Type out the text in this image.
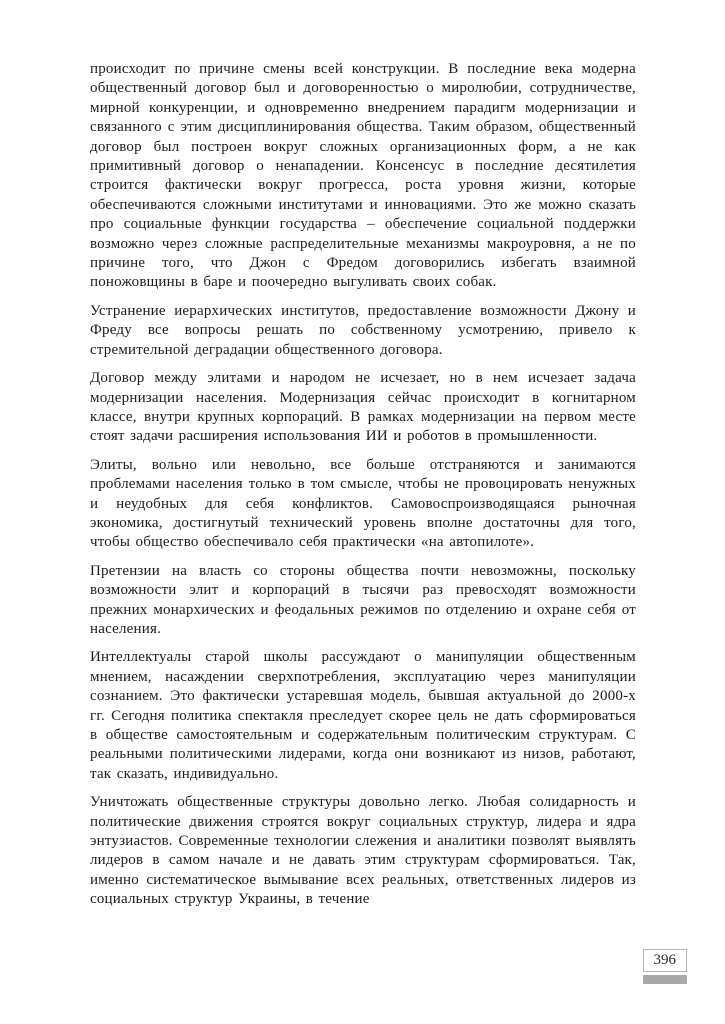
происходит по причине смены всей конструкции. В последние века модерна общественный договор был и договоренностью о миролюбии, сотрудничестве, мирной конкуренции, и одновременно внедрением парадигм модернизации и связанного с этим дисциплинирования общества. Таким образом, общественный договор был построен вокруг сложных организационных форм, а не как примитивный договор о ненападении. Консенсус в последние десятилетия строится фактически вокруг прогресса, роста уровня жизни, которые обеспечиваются сложными институтами и инновациями. Это же можно сказать про социальные функции государства – обеспечение социальной поддержки возможно через сложные распределительные механизмы макроуровня, а не по причине того, что Джон с Фредом договорились избегать взаимной поножовщины в баре и поочередно выгуливать своих собак.

Устранение иерархических институтов, предоставление возможности Джону и Фреду все вопросы решать по собственному усмотрению, привело к стремительной деградации общественного договора.

Договор между элитами и народом не исчезает, но в нем исчезает задача модернизации населения. Модернизация сейчас происходит в когнитарном классе, внутри крупных корпораций. В рамках модернизации на первом месте стоят задачи расширения использования ИИ и роботов в промышленности.

Элиты, вольно или невольно, все больше отстраняются и занимаются проблемами населения только в том смысле, чтобы не провоцировать ненужных и неудобных для себя конфликтов. Самовоспроизводящаяся рыночная экономика, достигнутый технический уровень вполне достаточны для того, чтобы общество обеспечивало себя практически «на автопилоте».

Претензии на власть со стороны общества почти невозможны, поскольку возможности элит и корпораций в тысячи раз превосходят возможности прежних монархических и феодальных режимов по отделению и охране себя от населения.

Интеллектуалы старой школы рассуждают о манипуляции общественным мнением, насаждении сверхпотребления, эксплуатацию через манипуляции сознанием. Это фактически устаревшая модель, бывшая актуальной до 2000-х гг. Сегодня политика спектакля преследует скорее цель не дать сформироваться в обществе самостоятельным и содержательным политическим структурам. С реальными политическими лидерами, когда они возникают из низов, работают, так сказать, индивидуально.

Уничтожать общественные структуры довольно легко. Любая солидарность и политические движения строятся вокруг социальных структур, лидера и ядра энтузиастов. Современные технологии слежения и аналитики позволят выявлять лидеров в самом начале и не давать этим структурам сформироваться. Так, именно систематическое вымывание всех реальных, ответственных лидеров из социальных структур Украины, в течение

396
